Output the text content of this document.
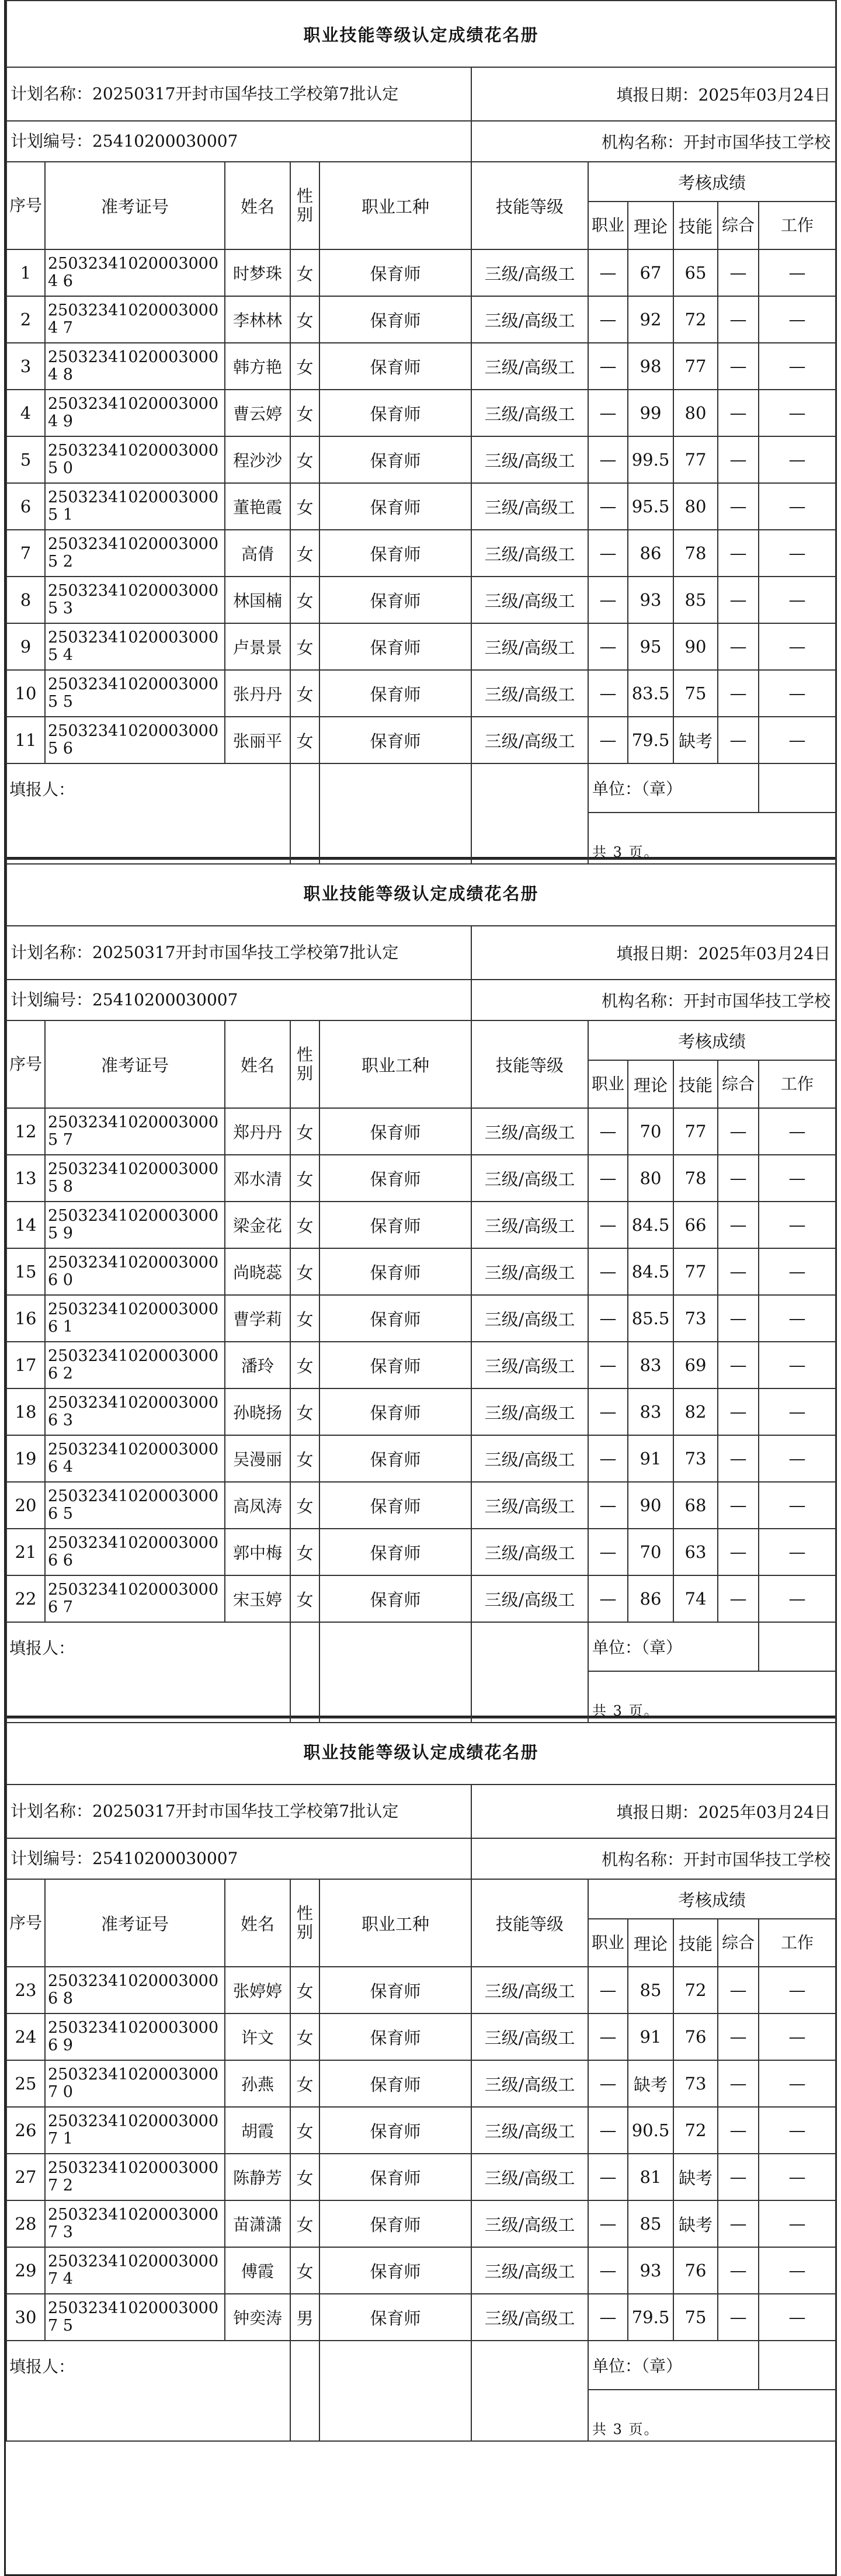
职业技能等级认定成绩花名册										
计划名称：20250317开封市国华技工学校第7批认定					填报日期：2025年03月24日					
计划编号：25410200030007					机构名称：开封市国华技工学校					
序号	准考证号	姓名	性别	职业工种	技能等级	考核成绩				
						职业	理论	技能	综合	工作
1	250323410200030004 6	时梦珠	女	保育师	三级/高级工	—	67	65	—	—
2	250323410200030004 7	李林林	女	保育师	三级/高级工	—	92	72	—	—
3	250323410200030004 8	韩方艳	女	保育师	三级/高级工	—	98	77	—	—
4	250323410200030004 9	曹云婷	女	保育师	三级/高级工	—	99	80	—	—
5	250323410200030005 0	程沙沙	女	保育师	三级/高级工	—	99.5	77	—	—
6	250323410200030005 1	董艳霞	女	保育师	三级/高级工	—	95.5	80	—	—
7	250323410200030005 2	高倩	女	保育师	三级/高级工	—	86	78	—	—
8	250323410200030005 3	林国楠	女	保育师	三级/高级工	—	93	85	—	—
9	250323410200030005 4	卢景景	女	保育师	三级/高级工	—	95	90	—	—
10	250323410200030005 5	张丹丹	女	保育师	三级/高级工	—	83.5	75	—	—
11	250323410200030005 6	张丽平	女	保育师	三级/高级工	—	79.5	缺考	—	—
填报人：						单位：（章）				
						共 3 页。				
职业技能等级认定成绩花名册										
计划名称：20250317开封市国华技工学校第7批认定					填报日期：2025年03月24日					
计划编号：25410200030007					机构名称：开封市国华技工学校					
序号	准考证号	姓名	性别	职业工种	技能等级	考核成绩				
						职业	理论	技能	综合	工作
12	250323410200030005 7	郑丹丹	女	保育师	三级/高级工	—	70	77	—	—
13	250323410200030005 8	邓水清	女	保育师	三级/高级工	—	80	78	—	—
14	250323410200030005 9	梁金花	女	保育师	三级/高级工	—	84.5	66	—	—
15	250323410200030006 0	尚晓蕊	女	保育师	三级/高级工	—	84.5	77	—	—
16	250323410200030006 1	曹学莉	女	保育师	三级/高级工	—	85.5	73	—	—
17	250323410200030006 2	潘玲	女	保育师	三级/高级工	—	83	69	—	—
18	250323410200030006 3	孙晓扬	女	保育师	三级/高级工	—	83	82	—	—
19	250323410200030006 4	吴漫丽	女	保育师	三级/高级工	—	91	73	—	—
20	250323410200030006 5	高凤涛	女	保育师	三级/高级工	—	90	68	—	—
21	250323410200030006 6	郭中梅	女	保育师	三级/高级工	—	70	63	—	—
22	250323410200030006 7	宋玉婷	女	保育师	三级/高级工	—	86	74	—	—
填报人：						单位：（章）				
						共 3 页。				
职业技能等级认定成绩花名册										
计划名称：20250317开封市国华技工学校第7批认定					填报日期：2025年03月24日					
计划编号：25410200030007					机构名称：开封市国华技工学校					
序号	准考证号	姓名	性别	职业工种	技能等级	考核成绩				
						职业	理论	技能	综合	工作
23	250323410200030006 8	张婷婷	女	保育师	三级/高级工	—	85	72	—	—
24	250323410200030006 9	许文	女	保育师	三级/高级工	—	91	76	—	—
25	250323410200030007 0	孙燕	女	保育师	三级/高级工	—	缺考	73	—	—
26	250323410200030007 1	胡霞	女	保育师	三级/高级工	—	90.5	72	—	—
27	250323410200030007 2	陈静芳	女	保育师	三级/高级工	—	81	缺考	—	—
28	250323410200030007 3	苗潇潇	女	保育师	三级/高级工	—	85	缺考	—	—
29	250323410200030007 4	傅霞	女	保育师	三级/高级工	—	93	76	—	—
30	250323410200030007 5	钟奕涛	男	保育师	三级/高级工	—	79.5	75	—	—
填报人：						单位：（章）				
						共 3 页。				
